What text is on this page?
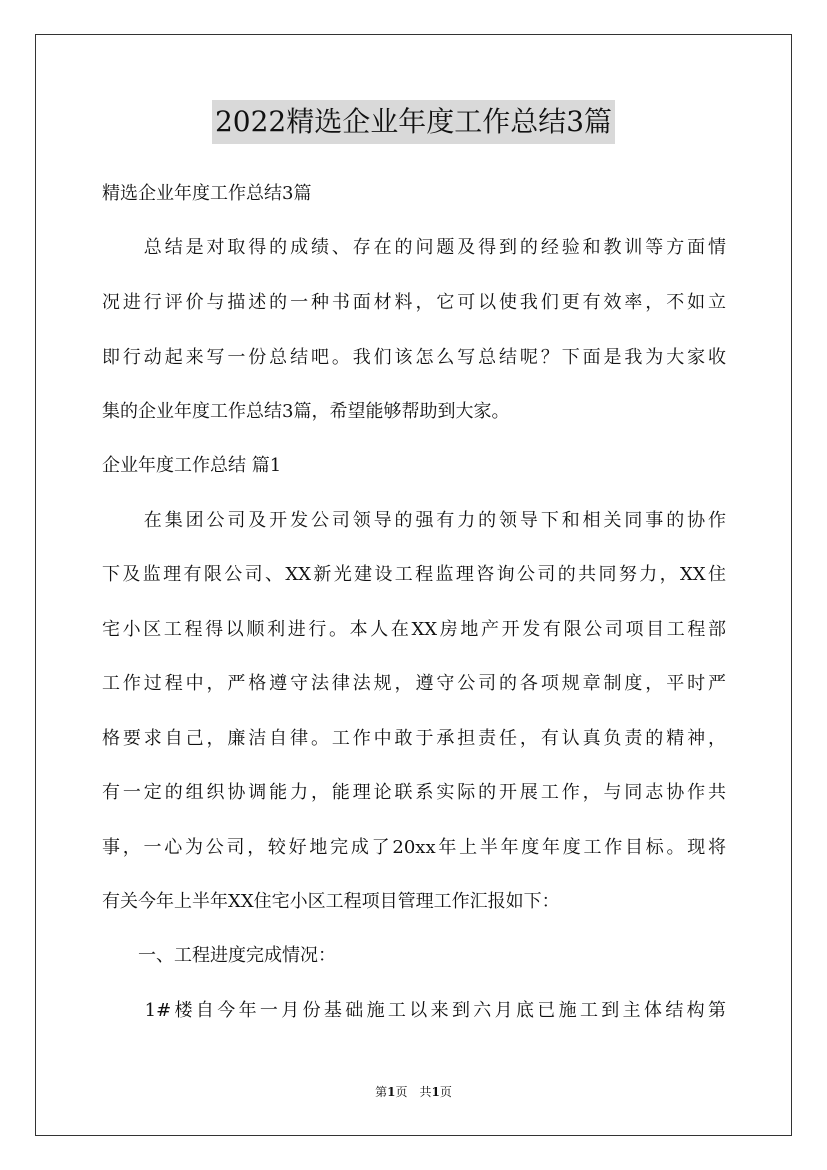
2022精选企业年度工作总结3篇
精选企业年度工作总结3篇
　　总结是对取得的成绩、存在的问题及得到的经验和教训等方面情
况进行评价与描述的一种书面材料，它可以使我们更有效率，不如立
即行动起来写一份总结吧。我们该怎么写总结呢？下面是我为大家收
集的企业年度工作总结3篇，希望能够帮助到大家。
企业年度工作总结 篇1
　　在集团公司及开发公司领导的强有力的领导下和相关同事的协作
下及监理有限公司、XX新光建设工程监理咨询公司的共同努力，XX住
宅小区工程得以顺利进行。本人在XX房地产开发有限公司项目工程部
工作过程中，严格遵守法律法规，遵守公司的各项规章制度，平时严
格要求自己，廉洁自律。工作中敢于承担责任，有认真负责的精神，
有一定的组织协调能力，能理论联系实际的开展工作，与同志协作共
事，一心为公司，较好地完成了20xx年上半年度年度工作目标。现将
有关今年上半年XX住宅小区工程项目管理工作汇报如下：
　　一、工程进度完成情况：
　　1#楼自今年一月份基础施工以来到六月底已施工到主体结构第
第1页　共1页
